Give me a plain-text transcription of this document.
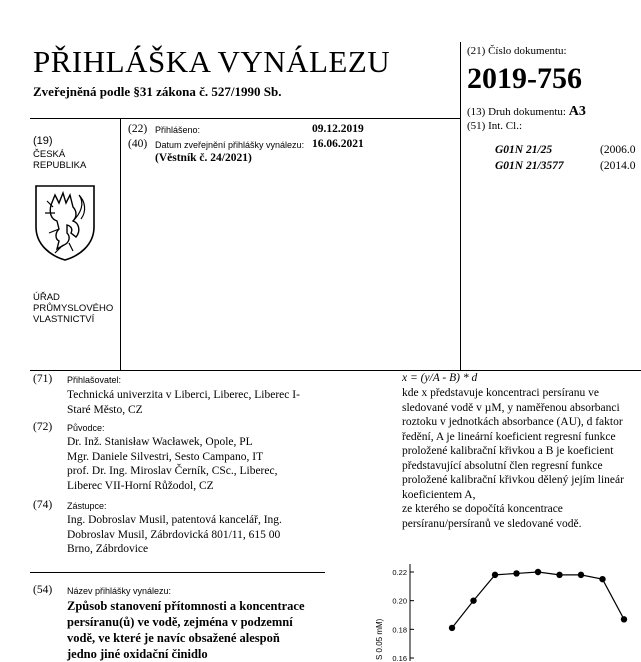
PŘIHLÁŠKA VYNÁLEZU
Zveřejněná podle §31 zákona č. 527/1990 Sb.
(21) Číslo dokumentu:
2019-756
(13) Druh dokumentu: A3
(51) Int. Cl.:
G01N 21/25	(2006.0
G01N 21/3577	(2014.0
(19)
ČESKÁ
REPUBLIKA
ÚŘAD
PRŮMYSLOVÉHO
VLASTNICTVÍ
(22) Přihlášeno:	09.12.2019
(40) Datum zveřejnění přihlášky vynálezu: 16.06.2021
(Věstník č. 24/2021)
(71) Přihlašovatel:
Technická univerzita v Liberci, Liberec, Liberec I-
Staré Město, CZ
(72) Původce:
Dr. Inž. Stanisław Wacławek, Opole, PL
Mgr. Daniele Silvestri, Sesto Campano, IT
prof. Dr. Ing. Miroslav Černík, CSc., Liberec,
Liberec VII-Horní Růžodol, CZ
(74) Zástupce:
Ing. Dobroslav Musil, patentová kancelář, Ing.
Dobroslav Musil, Zábrdovická 801/11, 615 00
Brno, Zábrdovice
(54) Název přihlášky vynálezu:
Způsob stanovení přítomnosti a koncentrace
persíranu(ů) ve vodě, zejména v podzemní
vodě, ve které je navíc obsažené alespoň
jedno jiné oxidační činidlo
x = (y/A - B) * d
kde x představuje koncentraci persíranu ve
sledované vodě v µM, y naměřenou absorbanci
roztoku v jednotkách absorbance (AU), d faktor
ředění, A je lineární koeficient regresní funkce
proložené kalibrační křivkou a B je koeficient
představující absolutní člen regresní funkce
proložené kalibrační křivkou dělený jejím lineár
koeficientem A,
ze kterého se dopočítá koncentrace
persíranu/persíranů ve sledované vodě.
S 0.05 mM)
0.22
0.20
0.18
0.16
